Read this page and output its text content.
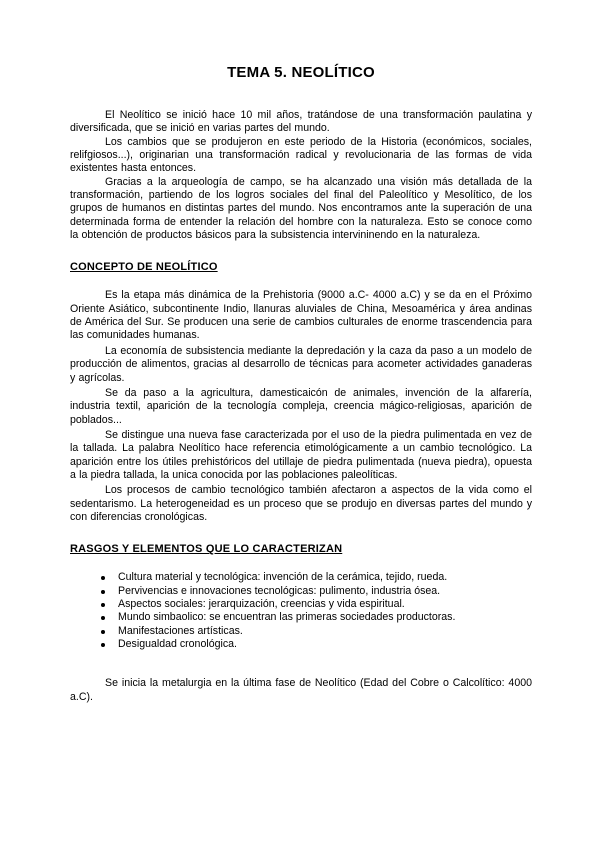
TEMA 5. NEOLÍTICO

El Neolítico se inició hace 10 mil años, tratándose de una transformación paulatina y diversificada, que se inició en varias partes del mundo.

Los cambios que se produjeron en este periodo de la Historia (económicos, sociales, relifgiosos...), originarian una transformación radical y revolucionaria de las formas de vida existentes hasta entonces.

Gracias a la arqueología de campo, se ha alcanzado una visión más detallada de la transformación, partiendo de los logros sociales del final del Paleolítico y Mesolítico, de los grupos de humanos en distintas partes del mundo. Nos encontramos ante la superación de una determinada forma de entender la relación del hombre con la naturaleza. Esto se conoce como la obtención de productos básicos para la subsistencia intervininendo en la naturaleza.

CONCEPTO DE NEOLÍTICO

Es la etapa más dinámica de la Prehistoria (9000 a.C- 4000 a.C) y se da en el Próximo Oriente Asiático, subcontinente Indio, llanuras aluviales de China, Mesoamérica y área andinas de América del Sur. Se producen una serie de cambios culturales de enorme trascendencia para las comunidades humanas.

La economía de subsistencia mediante la depredación y la caza da paso a un modelo de producción de alimentos, gracias al desarrollo de técnicas para acometer actividades ganaderas y agrícolas.

Se da paso a la agricultura, damesticaicón de animales, invención de la alfarería, industria textil, aparición de la tecnología compleja, creencia mágico-religiosas, aparición de poblados...

Se distingue una nueva fase caracterizada por el uso de la piedra pulimentada en vez de la tallada. La palabra Neolítico hace referencia etimológicamente a un cambio tecnológico. La aparición entre los útiles prehistóricos del utillaje de piedra pulimentada (nueva piedra), opuesta a la piedra tallada, la unica conocida por las poblaciones paleolíticas.

Los procesos de cambio tecnológico también afectaron a aspectos de la vida como el sedentarismo. La heterogeneidad es un proceso que se produjo en diversas partes del mundo y con diferencias cronológicas.

RASGOS Y ELEMENTOS QUE LO CARACTERIZAN
Cultura material y tecnológica: invención de la cerámica, tejido, rueda.
Pervivencias e innovaciones tecnológicas: pulimento, industria ósea.
Aspectos sociales: jerarquización, creencias y vida espiritual.
Mundo simbaolico: se encuentran las primeras sociedades productoras.
Manifestaciones artísticas.
Desigualdad cronológica.

Se inicia la metalurgia en la última fase de Neolítico (Edad del Cobre o Calcolítico: 4000 a.C).
